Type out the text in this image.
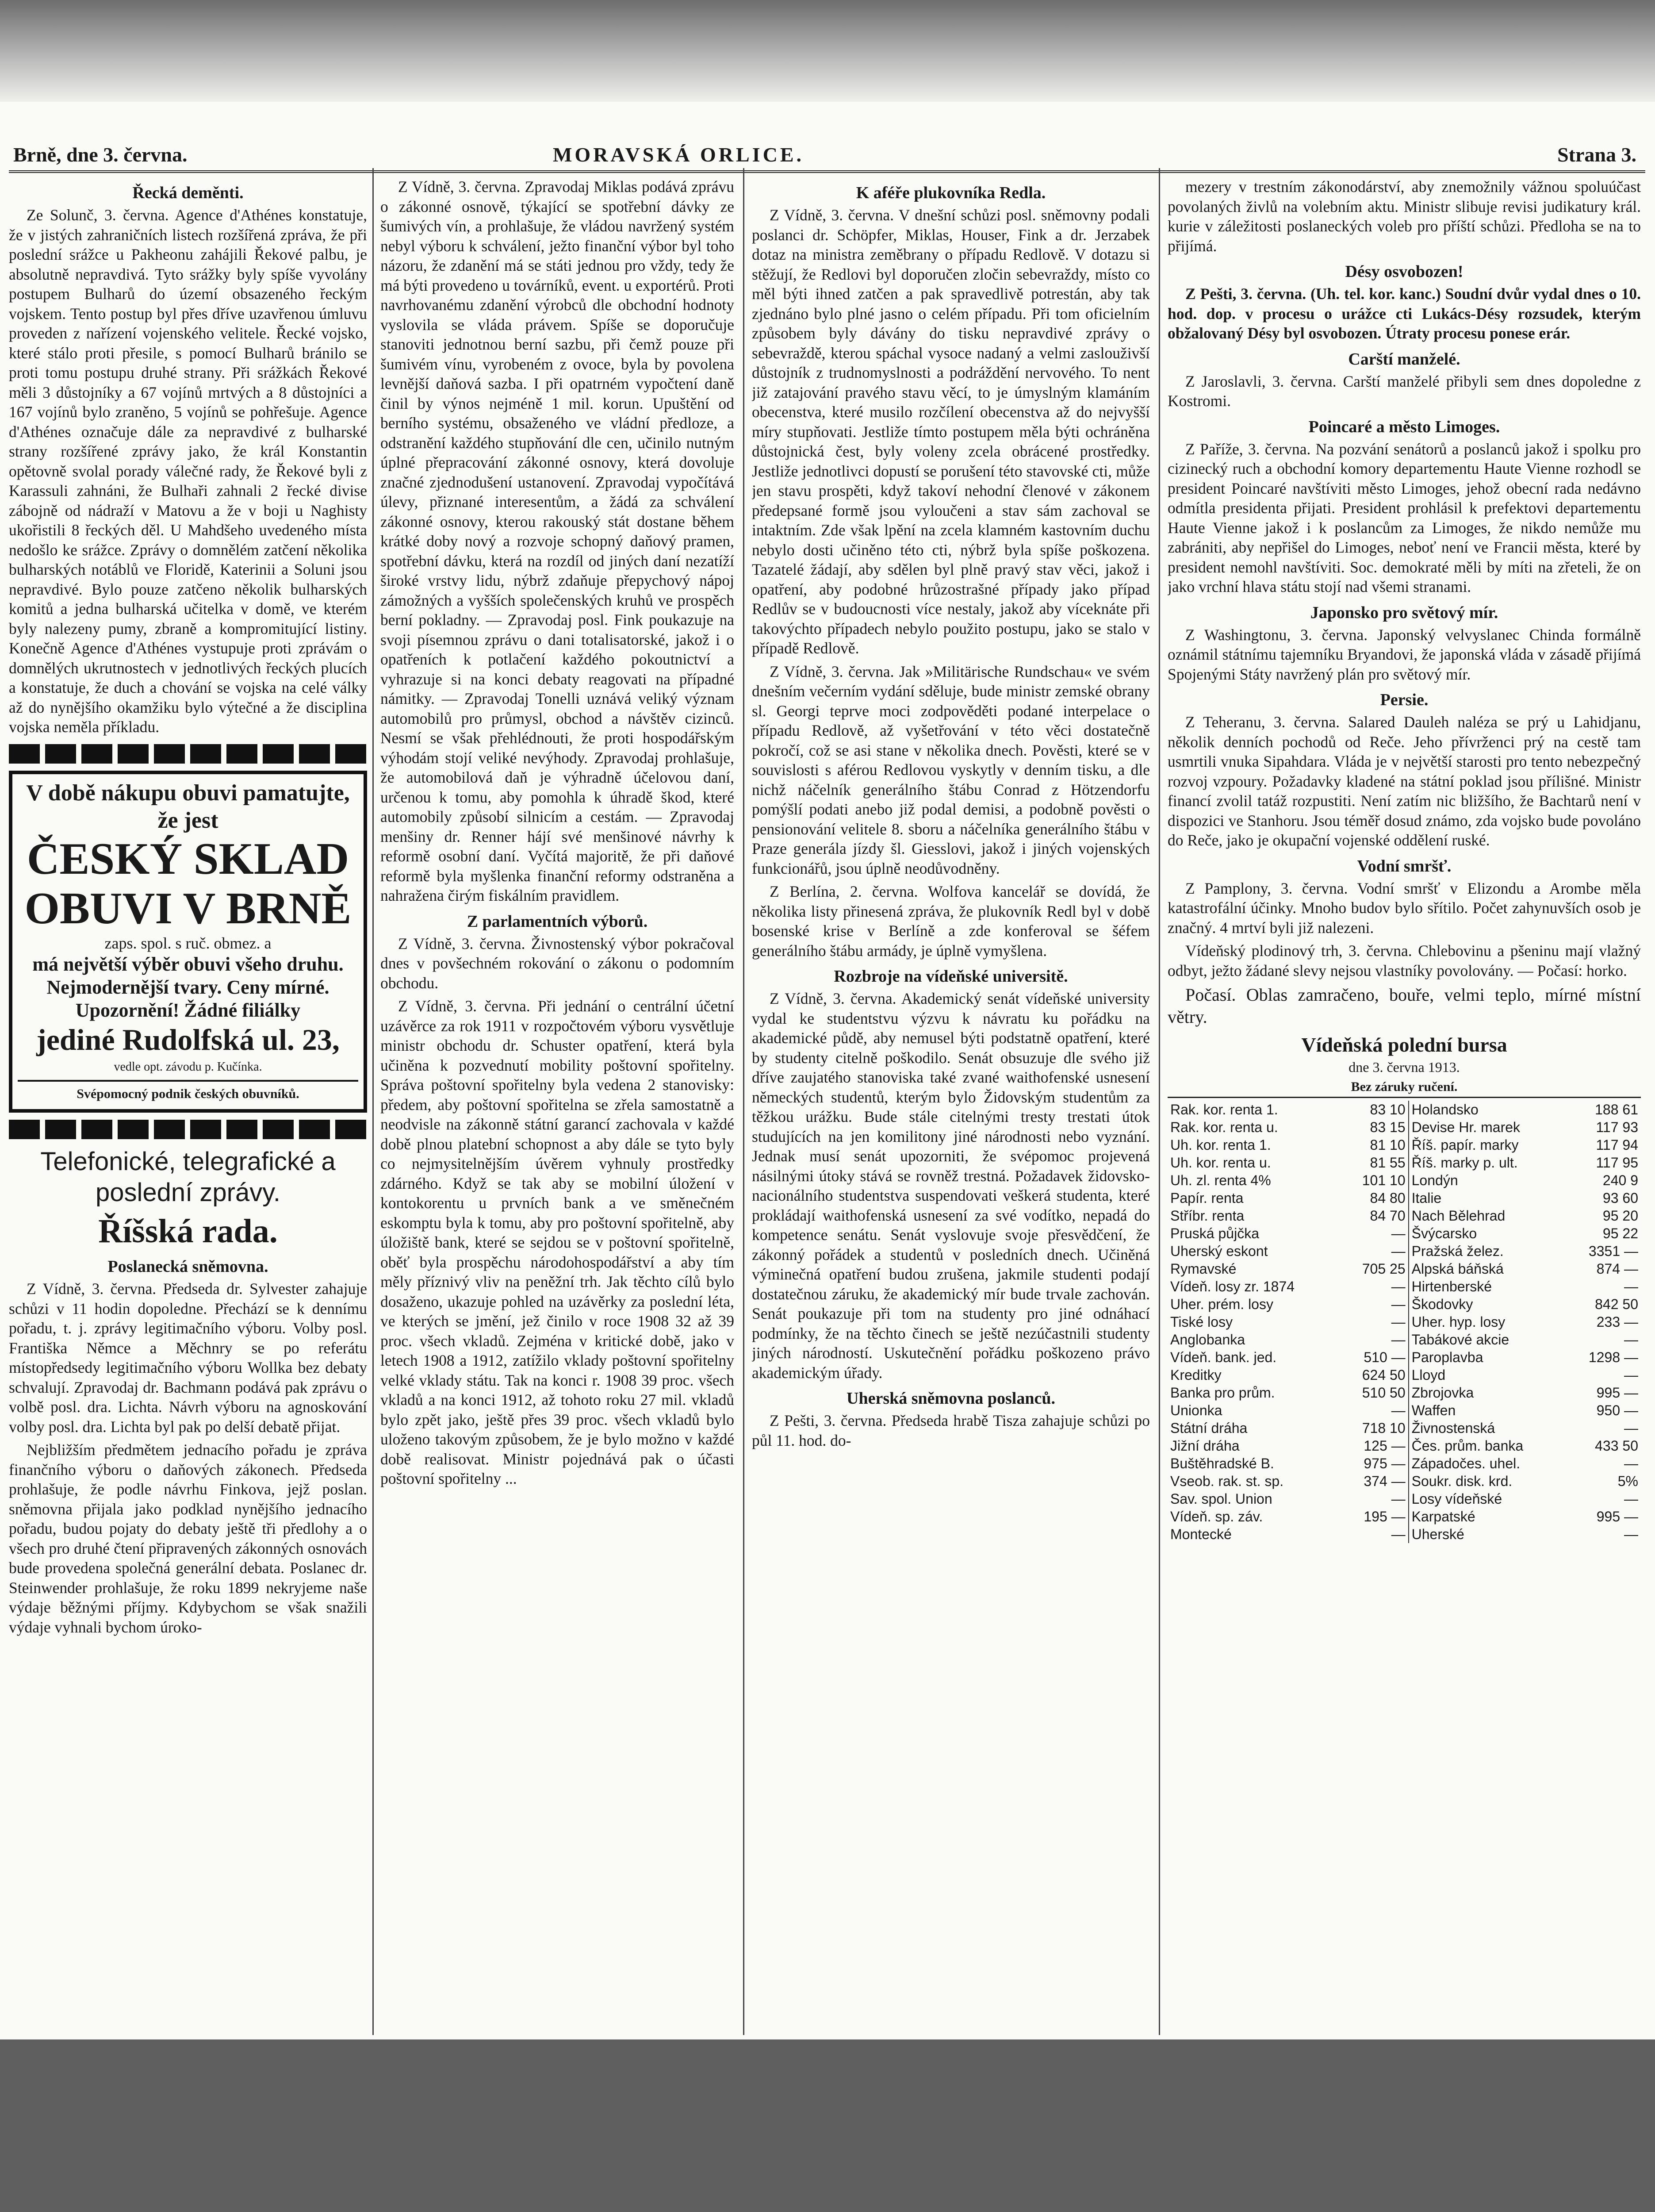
Brně, dne 3. června.	MORAVSKÁ ORLICE.	Strana 3.
Řecká deměnti.

Ze Solunč, 3. června. Agence d'Athénes konstatuje, že v jistých zahraničních listech rozšířená zpráva, že při poslední srážce u Pakheonu zahájili Řekové palbu, je absolutně nepravdivá. Tyto srážky byly spíše vyvolány postupem Bulharů do území obsazeného řeckým vojskem. Tento postup byl přes dříve uzavřenou úmluvu proveden z nařízení vojenského velitele. Řecké vojsko, které stálo proti přesile, s pomocí Bulharů bránilo se proti tomu postupu druhé strany. Při srážkách Řekové měli 3 důstojníky a 67 vojínů mrtvých a 8 důstojníci a 167 vojínů bylo zraněno, 5 vojínů se pohřešuje. Agence d'Athénes označuje dále za nepravdivé z bulharské strany rozšířené zprávy jako, že král Konstantin opětovně svolal porady válečné rady, že Řekové byli z Karassuli zahnáni, že Bulhaři zahnali 2 řecké divise zábojně od nádraží v Matovu a že v boji u Naghisty ukořistili 8 řeckých děl. U Mahdšeho uvedeného místa nedošlo ke srážce. Zprávy o domnělém zatčení několika bulharských notáblů ve Floridě, Katerinii a Soluni jsou nepravdivé. Bylo pouze zatčeno několik bulharských komitů a jedna bulharská učitelka v domě, ve kterém byly nalezeny pumy, zbraně a kompromitující listiny. Konečně Agence d'Athénes vystupuje proti zprávám o domnělých ukrutnostech v jednotlivých řeckých plucích a konstatuje, že duch a chování se vojska na celé války až do nynějšího okamžiku bylo výtečné a že disciplina vojska neměla příkladu.

V době nákupu obuvi pamatujte, že jest
ČESKÝ SKLAD OBUVI V BRNĚ
zaps. spol. s ruč. obmez. a
má největší výběr obuvi všeho druhu. Nejmodernější tvary. Ceny mírné. Upozornění! Žádné filiálky
jediné Rudolfská ul. 23,
vedle opt. závodu p. Kučínka.
Svépomocný podnik českých obuvníků.
Telefonické, telegrafické a poslední zprávy.
Říšská rada.
Poslanecká sněmovna.

Z Vídně, 3. června. Předseda dr. Sylvester zahajuje schůzi v 11 hodin dopoledne. Přechází se k dennímu pořadu, t. j. zprávy legitimačního výboru. Volby posl. Františka Němce a Měchnry se po referátu místopředsedy legitimačního výboru Wollka bez debaty schvalují. Zpravodaj dr. Bachmann podává pak zprávu o volbě posl. dra. Lichta. Návrh výboru na agnoskování volby posl. dra. Lichta byl pak po delší debatě přijat.

Nejbližším předmětem jednacího pořadu je zpráva finančního výboru o daňových zákonech. Předseda prohlašuje, že podle návrhu Finkova, jejž poslan. sněmovna přijala jako podklad nynějšího jednacího pořadu, budou pojaty do debaty ještě tři předlohy a o všech pro druhé čtení připravených zákonných osnovách bude provedena společná generální debata. Poslanec dr. Steinwender prohlašuje, že roku 1899 nekryjeme naše výdaje běžnými příjmy. Kdybychom se však snažili výdaje vyhnali bychom úroko-

Z Vídně, 3. června. Zpravodaj Miklas podává zprávu o zákonné osnově, týkající se spotřební dávky ze šumivých vín, a prohlašuje, že vládou navržený systém nebyl výboru k schválení, ježto finanční výbor byl toho názoru, že zdanění má se státi jednou pro vždy, tedy že má býti provedeno u továrníků, event. u exportérů. Proti navrhovanému zdanění výrobců dle obchodní hodnoty vyslovila se vláda právem. Spíše se doporučuje stanoviti jednotnou berní sazbu, při čemž pouze při šumivém vínu, vyrobeném z ovoce, byla by povolena levnější daňová sazba. I při opatrném vypočtení daně činil by výnos nejméně 1 mil. korun. Upuštění od berního systému, obsaženého ve vládní předloze, a odstranění každého stupňování dle cen, učinilo nutným úplné přepracování zákonné osnovy, která dovoluje značné zjednodušení ustanovení. Zpravodaj vypočítává úlevy, přiznané interesentům, a žádá za schválení zákonné osnovy, kterou rakouský stát dostane během krátké doby nový a rozvoje schopný daňový pramen, spotřební dávku, která na rozdíl od jiných daní nezatíží široké vrstvy lidu, nýbrž zdaňuje přepychový nápoj zámožných a vyšších společenských kruhů ve prospěch berní pokladny. — Zpravodaj posl. Fink poukazuje na svoji písemnou zprávu o dani totalisatorské, jakož i o opatřeních k potlačení každého pokoutnictví a vyhrazuje si na konci debaty reagovati na případné námitky. — Zpravodaj Tonelli uznává veliký význam automobilů pro průmysl, obchod a návštěv cizinců. Nesmí se však přehlédnouti, že proti hospodářským výhodám stojí veliké nevýhody. Zpravodaj prohlašuje, že automobilová daň je výhradně účelovou daní, určenou k tomu, aby pomohla k úhradě škod, které automobily způsobí silnicím a cestám. — Zpravodaj menšiny dr. Renner hájí své menšinové návrhy k reformě osobní daní. Vyčítá majoritě, že při daňové reformě byla myšlenka finanční reformy odstraněna a nahražena čirým fiskálním pravidlem.

Z parlamentních výborů.

Z Vídně, 3. června. Živnostenský výbor pokračoval dnes v povšechném rokování o zákonu o podomním obchodu.

Z Vídně, 3. června. Při jednání o centrální účetní uzávěrce za rok 1911 v rozpočtovém výboru vysvětluje ministr obchodu dr. Schuster opatření, která byla učiněna k pozvednutí mobility poštovní spořitelny. Správa poštovní spořitelny byla vedena 2 stanovisky: předem, aby poštovní spořitelna se zřela samostatně a neodvisle na zákonně státní garancí zachovala v každé době plnou platební schopnost a aby dále se tyto byly co nejmysitelnějším úvěrem vyhnuly prostředky zdárného. Když se tak aby se mobilní úložení v kontokorentu u prvních bank a ve směnečném eskomptu byla k tomu, aby pro poštovní spořitelně, aby úložiště bank, které se sejdou se v poštovní spořitelně, oběť byla prospěchu národohospodářství a aby tím měly příznivý vliv na peněžní trh. Jak těchto cílů bylo dosaženo, ukazuje pohled na uzávěrky za poslední léta, ve kterých se jmění, jež činilo v roce 1908 32 až 39 proc. všech vkladů. Zejména v kritické době, jako v letech 1908 a 1912, zatížilo vklady poštovní spořitelny velké vklady státu. Tak na konci r. 1908 39 proc. všech vkladů a na konci 1912, až tohoto roku 27 mil. vkladů bylo zpět jako, ještě přes 39 proc. všech vkladů bylo uloženo takovým způsobem, že je bylo možno v každé době realisovat. Ministr pojednává pak o účasti poštovní spořitelny ...

K aféře plukovníka Redla.

Z Vídně, 3. června. V dnešní schůzi posl. sněmovny podali poslanci dr. Schöpfer, Miklas, Houser, Fink a dr. Jerzabek dotaz na ministra zeměbrany o případu Redlově. V dotazu si stěžují, že Redlovi byl doporučen zločin sebevraždy, místo co měl býti ihned zatčen a pak spravedlivě potrestán, aby tak zjednáno bylo plné jasno o celém případu. Při tom oficielním způsobem byly dávány do tisku nepravdivé zprávy o sebevraždě, kterou spáchal vysoce nadaný a velmi zaslouživší důstojník z trudnomyslnosti a podráždění nervového. To nent již zatajování pravého stavu věcí, to je úmyslným klamáním obecenstva, které musilo rozčílení obecenstva až do nejvyšší míry stupňovati. Jestliže tímto postupem měla býti ochráněna důstojnická čest, byly voleny zcela obrácené prostředky. Jestliže jednotlivci dopustí se porušení této stavovské cti, může jen stavu prospěti, když takoví nehodní členové v zákonem předepsané formě jsou vyloučeni a stav sám zachoval se intaktním. Zde však lpění na zcela klamném kastovním duchu nebylo dosti učiněno této cti, nýbrž byla spíše poškozena. Tazatelé žádají, aby sdělen byl plně pravý stav věci, jakož i opatření, aby podobné hrůzostrašné případy jako případ Redlův se v budoucnosti více nestaly, jakož aby víceknáte při takovýchto případech nebylo použito postupu, jako se stalo v případě Redlově.

Z Vídně, 3. června. Jak »Militärische Rundschau« ve svém dnešním večerním vydání sděluje, bude ministr zemské obrany sl. Georgi teprve moci zodpověděti podané interpelace o případu Redlově, až vyšetřování v této věci dostatečně pokročí, což se asi stane v několika dnech. Pověsti, které se v souvislosti s aférou Redlovou vyskytly v denním tisku, a dle nichž náčelník generálního štábu Conrad z Hötzendorfu pomýšlí podati anebo již podal demisi, a podobně pověsti o pensionování velitele 8. sboru a náčelníka generálního štábu v Praze generála jízdy šl. Giesslovi, jakož i jiných vojenských funkcionářů, jsou úplně neodůvodněny.

Z Berlína, 2. června. Wolfova kancelář se dovídá, že několika listy přinesená zpráva, že plukovník Redl byl v době bosenské krise v Berlíně a zde konferoval se šéfem generálního štábu armády, je úplně vymyšlena.

Rozbroje na vídeňské universitě.

Z Vídně, 3. června. Akademický senát vídeňské university vydal ke studentstvu výzvu k návratu ku pořádku na akademické půdě, aby nemusel býti podstatně opatření, které by studenty citelně poškodilo. Senát obsuzuje dle svého již dříve zaujatého stanoviska také zvané waithofenské usnesení německých studentů, kterým bylo Židovským studentům za těžkou urážku. Bude stále citelnými tresty trestati útok studujících na jen komilitony jiné národnosti nebo vyznání. Jednak musí senát upozorniti, že svépomoc projevená násilnými útoky stává se rovněž trestná. Požadavek židovsko-nacionálního studentstva suspendovati veškerá studenta, které prokládají waithofenská usnesení za své vodítko, nepadá do kompetence senátu. Senát vyslovuje svoje přesvědčení, že zákonný pořádek a studentů v posledních dnech. Učiněná výminečná opatření budou zrušena, jakmile studenti podají dostatečnou záruku, že akademický mír bude trvale zachován. Senát poukazuje při tom na studenty pro jiné odnáhací podmínky, že na těchto činech se ještě nezúčastnili studenty jiných národností. Uskutečnění pořádku poškozeno právo akademickým úřady.

Uherská sněmovna poslanců.

Z Pešti, 3. června. Předseda hrabě Tisza zahajuje schůzi po půl 11. hod. do-

mezery v trestním zákonodárství, aby znemožnily vážnou spoluúčast povolaných živlů na volebním aktu. Ministr slibuje revisi judikatury král. kurie v záležitosti poslaneckých voleb pro příští schůzi. Předloha se na to přijímá.

Désy osvobozen!

Z Pešti, 3. června. (Uh. tel. kor. kanc.) Soudní dvůr vydal dnes o 10. hod. dop. v procesu o urážce cti Lukács-Désy rozsudek, kterým obžalovaný Désy byl osvobozen. Útraty procesu ponese erár.

Carští manželé.

Z Jaroslavli, 3. června. Carští manželé přibyli sem dnes dopoledne z Kostromi.

Poincaré a město Limoges.

Z Paříže, 3. června. Na pozvání senátorů a poslanců jakož i spolku pro cizinecký ruch a obchodní komory departementu Haute Vienne rozhodl se president Poincaré navštíviti město Limoges, jehož obecní rada nedávno odmítla presidenta přijati. President prohlásil k prefektovi departementu Haute Vienne jakož i k poslancům za Limoges, že nikdo nemůže mu zabrániti, aby nepřišel do Limoges, neboť není ve Francii města, které by president nemohl navštíviti. Soc. demokraté měli by míti na zřeteli, že on jako vrchní hlava státu stojí nad všemi stranami.

Japonsko pro světový mír.

Z Washingtonu, 3. června. Japonský velvyslanec Chinda formálně oznámil státnímu tajemníku Bryandovi, že japonská vláda v zásadě přijímá Spojenými Státy navržený plán pro světový mír.

Persie.

Z Teheranu, 3. června. Salared Dauleh naléza se prý u Lahidjanu, několik denních pochodů od Reče. Jeho přívrženci prý na cestě tam usmrtili vnuka Sipahdara. Vláda je v největší starosti pro tento nebezpečný rozvoj vzpoury. Požadavky kladené na státní poklad jsou přílišné. Ministr financí zvolil tatáž rozpustiti. Není zatím nic bližšího, že Bachtarů není v dispozici ve Stanhoru. Jsou téměř dosud známo, zda vojsko bude povoláno do Reče, jako je okupační vojenské oddělení ruské.

Vodní smršť.

Z Pamplony, 3. června. Vodní smršť v Elizondu a Arombe měla katastrofální účinky. Mnoho budov bylo sřítilo. Počet zahynuvších osob je značný. 4 mrtví byli již nalezeni.

Vídeňský plodinový trh, 3. června. Chlebovinu a pšeninu mají vlažný odbyt, ježto žádané slevy nejsou vlastníky povolovány. — Počasí: horko.

Počasí. Oblas zamračeno, bouře, velmi teplo, mírné místní větry.

Vídeňská polední bursa
dne 3. června 1913.
Bez záruky ručení.
Rak. kor. renta 1.	83 10	Holandsko	188 61
Rak. kor. renta u.	83 15	Devise Hr. marek	117 93
Uh. kor. renta 1.	81 10	Říš. papír. marky	117 94
Uh. kor. renta u.	81 55	Říš. marky p. ult.	117 95
Uh. zl. renta 4%	101 10	Londýn	240 9
Papír. renta	84 80	Italie	93 60
Stříbr. renta	84 70	Nach Bělehrad	95 20
Pruská půjčka	—	Švýcarsko	95 22
Uherský eskont	—	Pražská želez.	3351 —
Rymavské	705 25	Alpská báňská	874 —
Vídeň. losy zr. 1874	—	Hirtenberské	—
Uher. prém. losy	—	Škodovky	842 50
Tiské losy	—	Uher. hyp. losy	233 —
Anglobanka	—	Tabákové akcie	—
Vídeň. bank. jed.	510 —	Paroplavba	1298 —
Kreditky	624 50	Lloyd	—
Banka pro prům.	510 50	Zbrojovka	995 —
Unionka	—	Waffen	950 —
Státní dráha	718 10	Živnostenská	—
Jižní dráha	125 —	Čes. prům. banka	433 50
Buštěhradské B.	975 —	Západočes. uhel.	—
Vseob. rak. st. sp.	374 —	Soukr. disk. krd.	5%
Sav. spol. Union	—	Losy vídeňské	—
Vídeň. sp. záv.	195 —	Karpatské	995 —
Montecké	—	Uherské	—
